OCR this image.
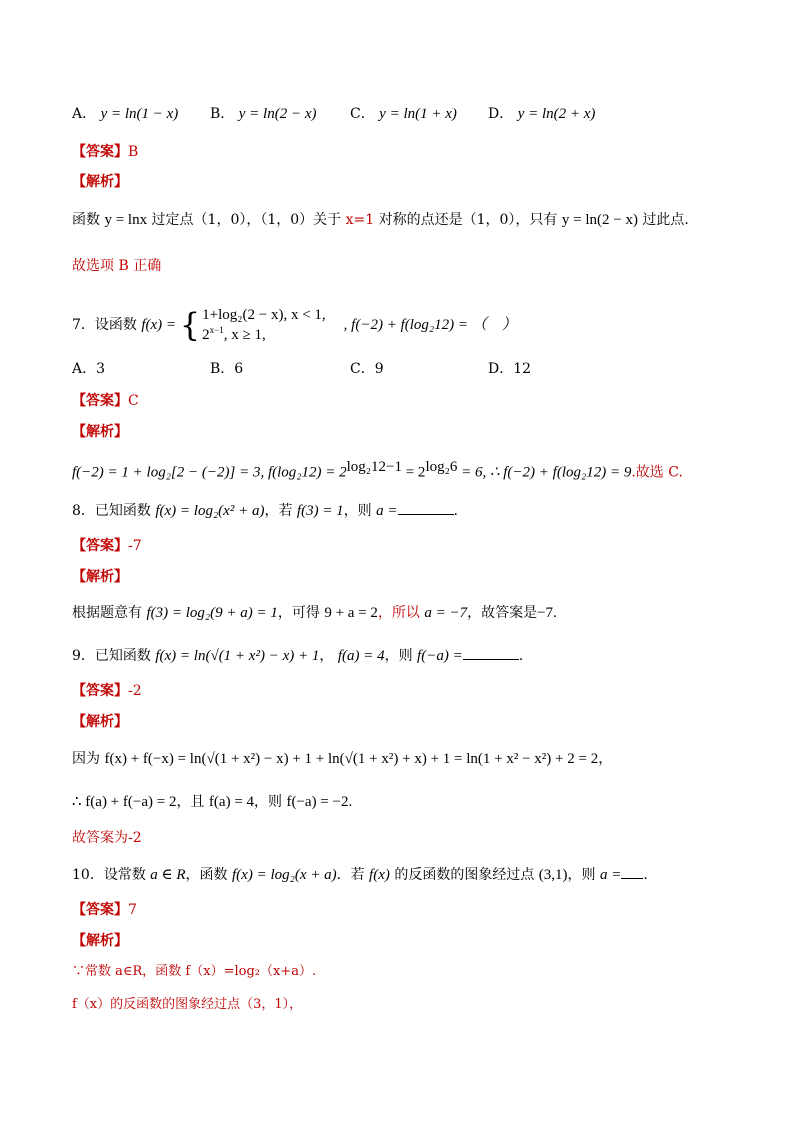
A． y = ln(1 − x) B． y = ln(2 − x) C． y = ln(1 + x) D． y = ln(2 + x)
【答案】B
【解析】
函数 y = lnx 过定点（1，0），（1，0）关于 x=1 对称的点还是（1，0），只有 y = ln(2 − x) 过此点.
故选项 B 正确
7．设函数 f(x) = { 1+log₂(2 − x), x < 1,
$2^{x-1}$, x ≥ 1,
, f(−2) + f(log₂12) = （　）
A．3	B．6	C．9	D．12
【答案】C
【解析】
f(−2) = 1 + log₂[2 − (−2)] = 3, $f(\log_212) = 2^{log_212-1} = 2^{log_26} = 6$, ∴ f(−2) + f(log₂12) = 9.故选 C.
8．已知函数 f(x) = log₂(x² + a)，若 f(3) = 1，则 a =	.
【答案】-7
【解析】
根据题意有 f(3) = log₂(9 + a) = 1，可得 9 + a = 2，所以 a = −7，故答案是−7.
9．已知函数 f(x) = ln(√(1 + x²) − x) + 1， f(a) = 4，则 f(−a) =	.
【答案】-2
【解析】
因为 f(x) + f(−x) = ln(√(1 + x²) − x) + 1 + ln(√(1 + x²) + x) + 1 = ln(1 + x² − x²) + 2 = 2，
∴ f(a) + f(−a) = 2，且 f(a) = 4，则 f(−a) = −2.
故答案为-2
10．设常数 a ∈ R，函数 f(x) = log₂(x + a)．若 f(x) 的反函数的图象经过点 (3,1)，则 a = .
【答案】7
【解析】
∵常数 a∈R，函数 f（x）=log₂（x+a）.
f（x）的反函数的图象经过点（3，1），
